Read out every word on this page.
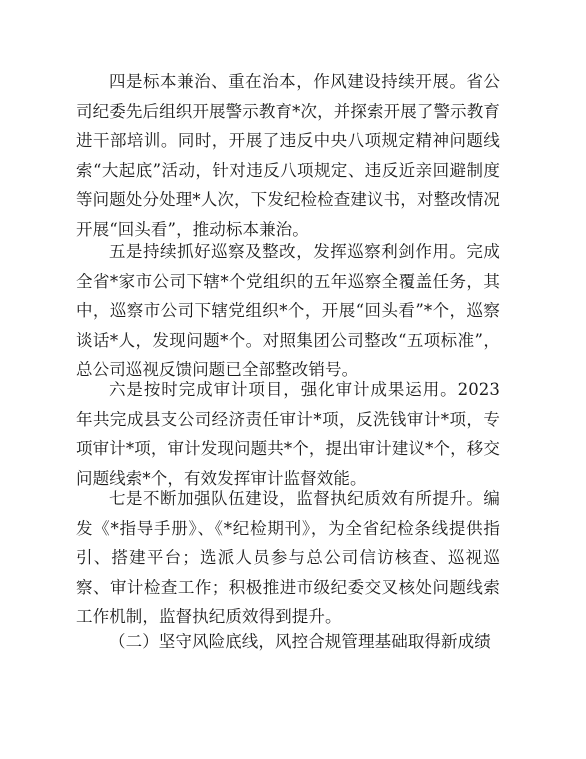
四是标本兼治、重在治本，作风建设持续开展。省公司纪委先后组织开展警示教育*次，并探索开展了警示教育进干部培训。同时，开展了违反中央八项规定精神问题线索“大起底”活动，针对违反八项规定、违反近亲回避制度等问题处分处理*人次，下发纪检检查建议书，对整改情况开展“回头看”，推动标本兼治。

五是持续抓好巡察及整改，发挥巡察利剑作用。完成全省*家市公司下辖*个党组织的五年巡察全覆盖任务，其中，巡察市公司下辖党组织*个，开展“回头看”*个，巡察谈话*人，发现问题*个。对照集团公司整改“五项标准”，总公司巡视反馈问题已全部整改销号。

六是按时完成审计项目，强化审计成果运用。2023 年共完成县支公司经济责任审计*项，反洗钱审计*项，专项审计*项，审计发现问题共*个，提出审计建议*个，移交问题线索*个，有效发挥审计监督效能。

七是不断加强队伍建设，监督执纪质效有所提升。编发《*指导手册》、《*纪检期刊》，为全省纪检条线提供指引、搭建平台；选派人员参与总公司信访核查、巡视巡察、审计检查工作；积极推进市级纪委交叉核处问题线索工作机制，监督执纪质效得到提升。

（二）坚守风险底线，风控合规管理基础取得新成绩
